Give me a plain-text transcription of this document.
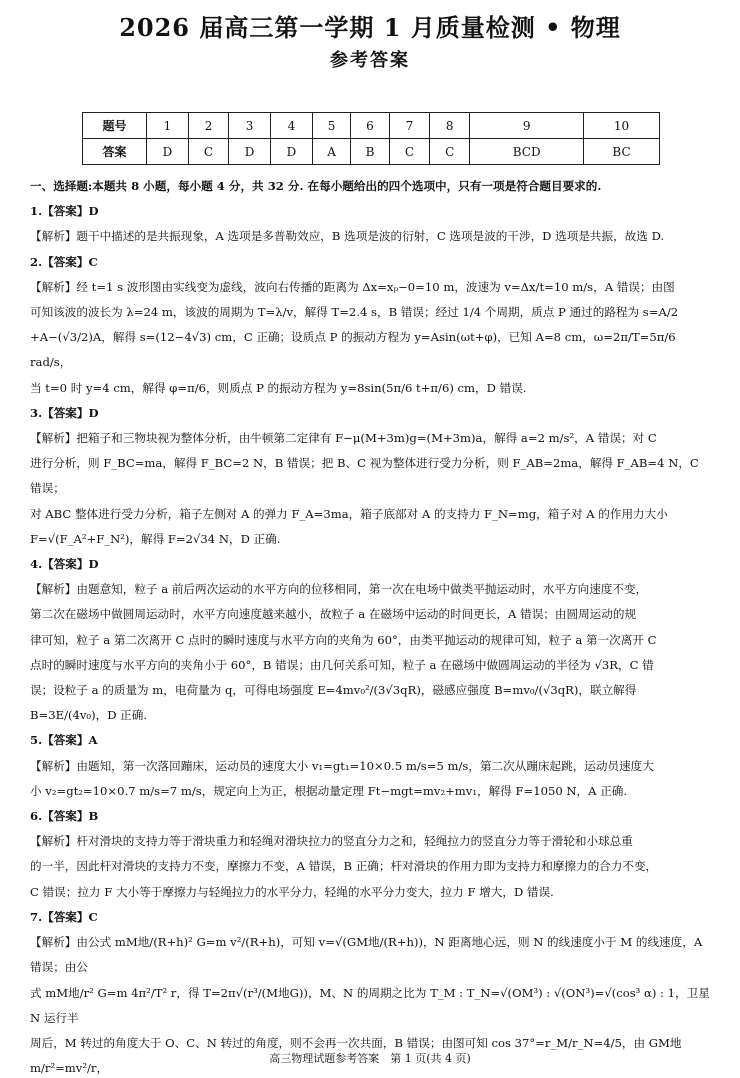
2026 届高三第一学期 1 月质量检测 • 物理
参考答案
题号	1	2	3	4	5	6	7	8	9	10
答案	D	C	D	D	A	B	C	C	BCD	BC
一、选择题:本题共 8 小题，每小题 4 分，共 32 分. 在每小题给出的四个选项中，只有一项是符合题目要求的.
1.【答案】D
【解析】题干中描述的是共振现象，A 选项是多普勒效应，B 选项是波的衍射，C 选项是波的干涉，D 选项是共振，故选 D.
2.【答案】C
【解析】经 t=1 s 波形图由实线变为虚线，波向右传播的距离为 Δx=xₚ−0=10 m，波速为 v=Δx/t=10 m/s，A 错误；由图
可知该波的波长为 λ=24 m，该波的周期为 T=λ/v，解得 T=2.4 s，B 错误；经过 1/4 个周期，质点 P 通过的路程为 s=A/2
+A−(√3/2)A，解得 s=(12−4√3) cm，C 正确；设质点 P 的振动方程为 y=Asin(ωt+φ)，已知 A=8 cm，ω=2π/T=5π/6 rad/s，
当 t=0 时 y=4 cm，解得 φ=π/6，则质点 P 的振动方程为 y=8sin(5π/6 t+π/6) cm，D 错误.
3.【答案】D
【解析】把箱子和三物块视为整体分析，由牛顿第二定律有 F−μ(M+3m)g=(M+3m)a，解得 a=2 m/s²，A 错误；对 C
进行分析，则 F_BC=ma，解得 F_BC=2 N，B 错误；把 B、C 视为整体进行受力分析，则 F_AB=2ma，解得 F_AB=4 N，C 错误；
对 ABC 整体进行受力分析，箱子左侧对 A 的弹力 F_A=3ma，箱子底部对 A 的支持力 F_N=mg，箱子对 A 的作用力大小
F=√(F_A²+F_N²)，解得 F=2√34 N，D 正确.
4.【答案】D
【解析】由题意知，粒子 a 前后两次运动的水平方向的位移相同，第一次在电场中做类平抛运动时，水平方向速度不变，
第二次在磁场中做圆周运动时，水平方向速度越来越小，故粒子 a 在磁场中运动的时间更长，A 错误；由圆周运动的规
律可知，粒子 a 第二次离开 C 点时的瞬时速度与水平方向的夹角为 60°，由类平抛运动的规律可知，粒子 a 第一次离开 C
点时的瞬时速度与水平方向的夹角小于 60°，B 错误；由几何关系可知，粒子 a 在磁场中做圆周运动的半径为 √3R，C 错
误；设粒子 a 的质量为 m，电荷量为 q，可得电场强度 E=4mv₀²/(3√3qR)，磁感应强度 B=mv₀/(√3qR)，联立解得 B=3E/(4v₀)，D 正确.
5.【答案】A
【解析】由题知，第一次落回蹦床，运动员的速度大小 v₁=gt₁=10×0.5 m/s=5 m/s，第二次从蹦床起跳，运动员速度大
小 v₂=gt₂=10×0.7 m/s=7 m/s，规定向上为正，根据动量定理 Ft−mgt=mv₂+mv₁，解得 F=1050 N，A 正确.
6.【答案】B
【解析】杆对滑块的支持力等于滑块重力和轻绳对滑块拉力的竖直分力之和，轻绳拉力的竖直分力等于滑轮和小球总重
的一半，因此杆对滑块的支持力不变，摩擦力不变，A 错误，B 正确；杆对滑块的作用力即为支持力和摩擦力的合力不变，
C 错误；拉力 F 大小等于摩擦力与轻绳拉力的水平分力，轻绳的水平分力变大，拉力 F 增大，D 错误.
7.【答案】C
【解析】由公式 mM地/(R+h)² G=m v²/(R+h)，可知 v=√(GM地/(R+h))，N 距离地心远，则 N 的线速度小于 M 的线速度，A 错误；由公
式 mM地/r² G=m 4π²/T² r，得 T=2π√(r³/(M地G))，M、N 的周期之比为 T_M : T_N=√(OM³) : √(ON³)=√(cos³ α) : 1，卫星 N 运行半
周后，M 转过的角度大于 O、C、N 转过的角度，则不会再一次共面，B 错误；由图可知 cos 37°=r_M/r_N=4/5，由 GM地m/r²=mv²/r，
高三物理试题参考答案　第 1 页(共 4 页)
